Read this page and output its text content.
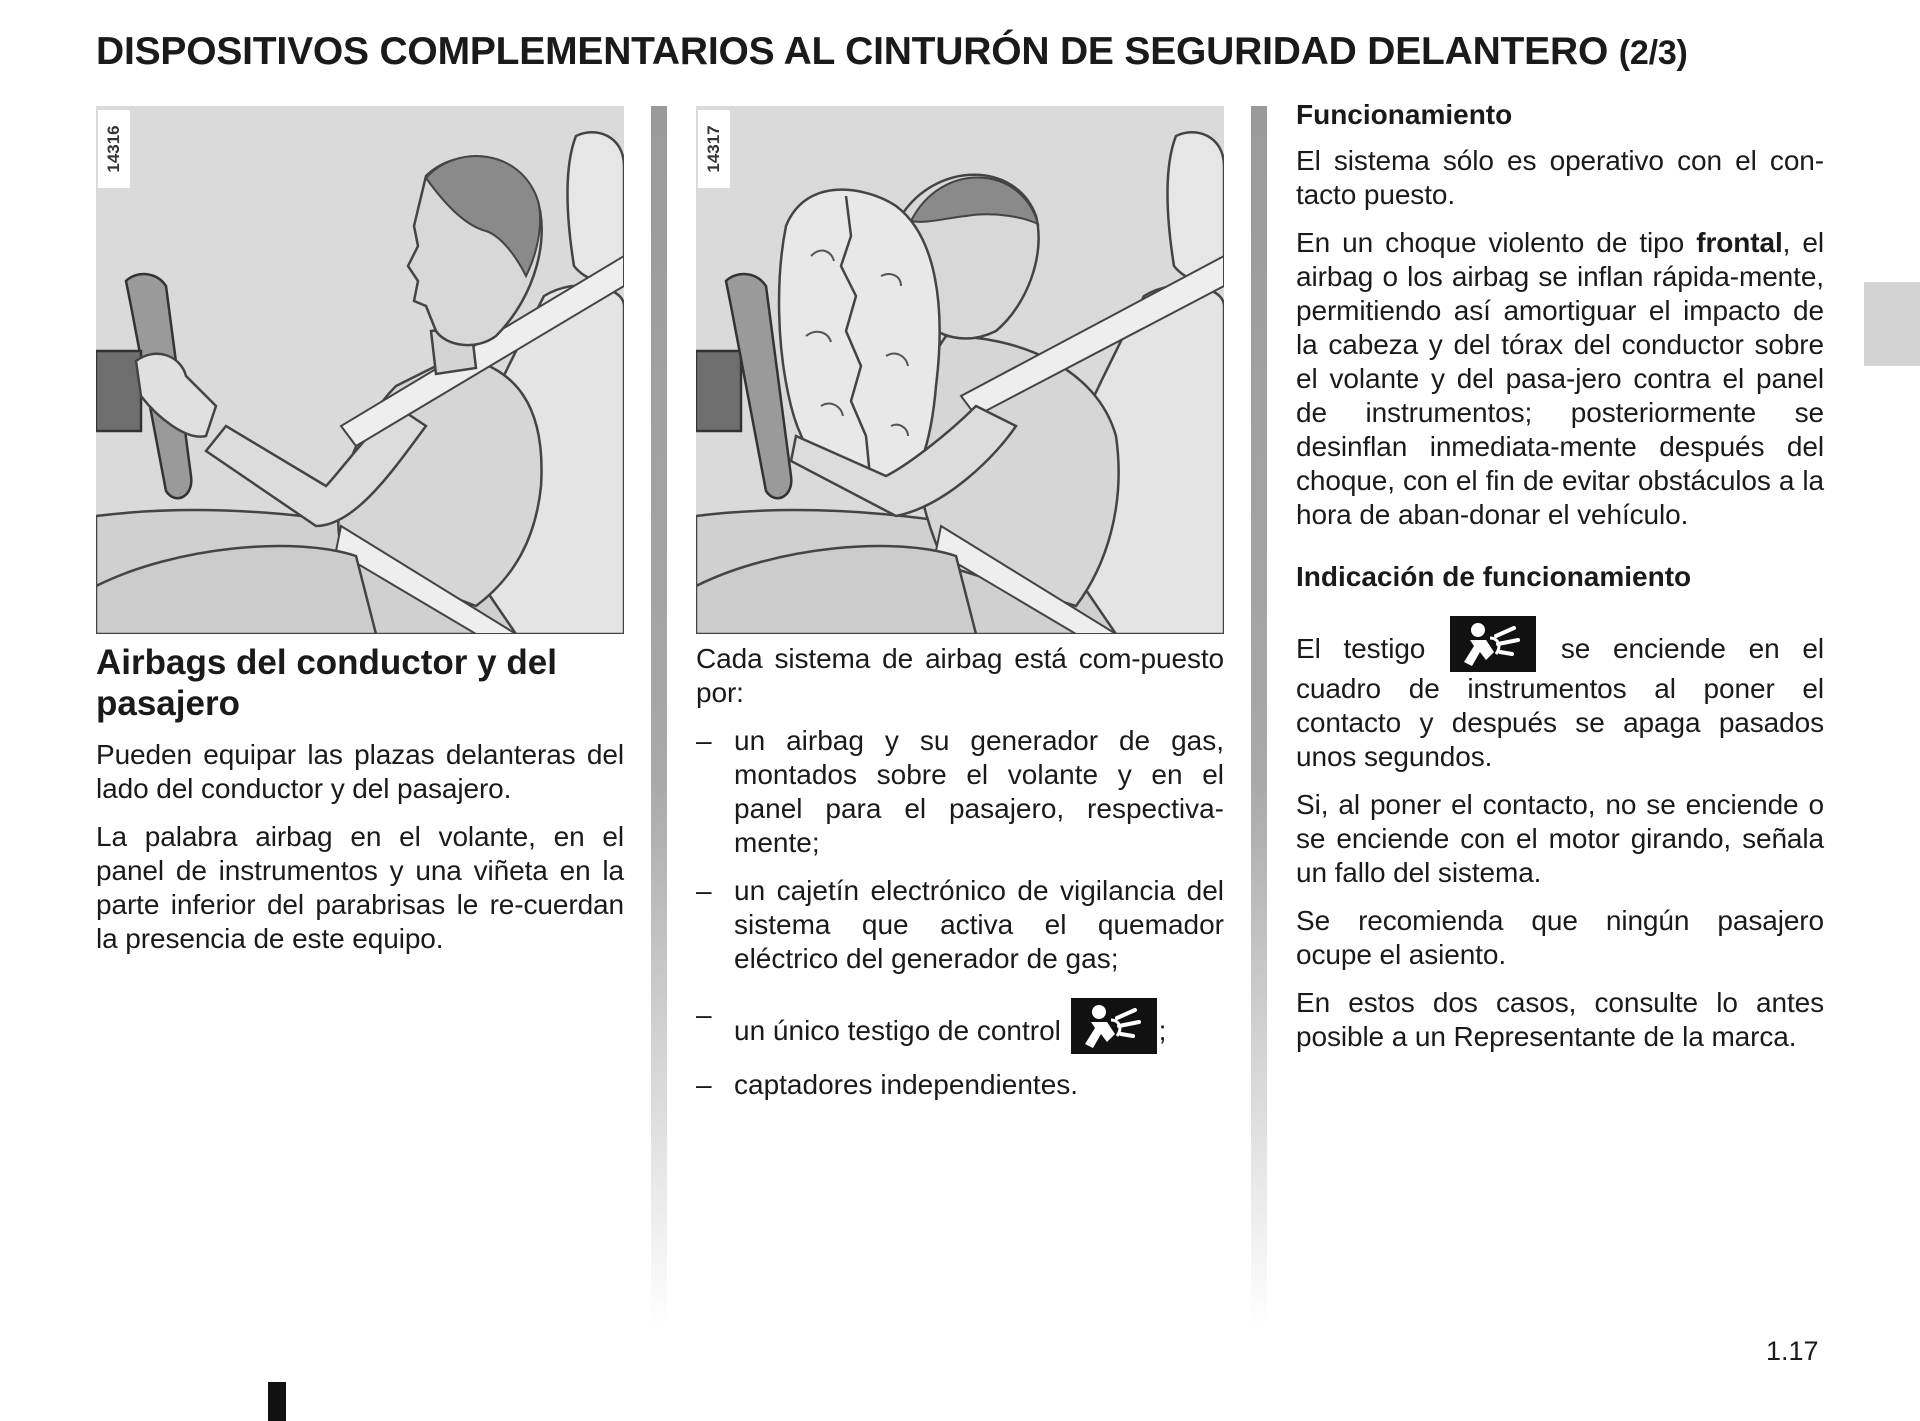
DISPOSITIVOS COMPLEMENTARIOS AL CINTURÓN DE SEGURIDAD DELANTERO (2/3)
14316	14317
Airbags del conductor y del pasajero

Pueden equipar las plazas delanteras del lado del conductor y del pasajero.

La palabra airbag en el volante, en el panel de instrumentos y una viñeta en la parte inferior del parabrisas le re-cuerdan la presencia de este equipo.

Cada sistema de airbag está com-puesto por:

– un airbag y su generador de gas, montados sobre el volante y en el panel para el pasajero, respectiva-mente;
– un cajetín electrónico de vigilancia del sistema que activa el quemador eléctrico del generador de gas;
–
un único testigo de control	;
– captadores independientes.
Funcionamiento

El sistema sólo es operativo con el con-tacto puesto.

En un choque violento de tipo frontal, el airbag o los airbag se inflan rápida-mente, permitiendo así amortiguar el impacto de la cabeza y del tórax del conductor sobre el volante y del pasa-jero contra el panel de instrumentos; posteriormente se desinflan inmediata-mente después del choque, con el fin de evitar obstáculos a la hora de aban-donar el vehículo.

Indicación de funcionamiento

El testigo	se enciende en el cuadro de instrumentos al poner el contacto y después se apaga pasados unos segundos.

Si, al poner el contacto, no se enciende o se enciende con el motor girando, señala un fallo del sistema.

Se recomienda que ningún pasajero ocupe el asiento.

En estos dos casos, consulte lo antes posible a un Representante de la marca.

1.17
